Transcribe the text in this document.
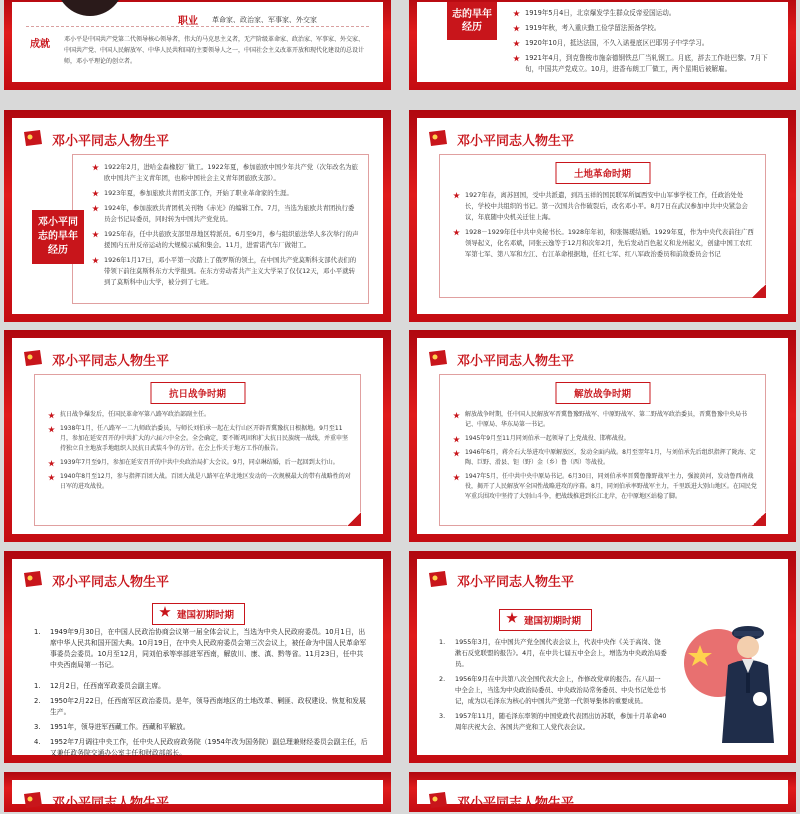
职业 革命家、政治家、军事家、外交家
成就 邓小平是中国共产党第二代领导核心领导者，伟大的马克思主义者，无产阶级革命家、政治家、军事家、外交家、中国共产党、中国人民解放军、中华人民共和国的主要领导人之一，中国社会主义改革开放和现代化建设的总设计师，邓小平理论的创立者。
志的早年经历
1919年5月4日，北京爆发学生群众反帝爱国运动。
1919年秋，考入重庆勤工俭学留法预备学校。
1920年10月，抵达法国，不久入诺曼底区巴耶男子中学学习。
1921年4月，到克鲁梭市施奈德钢铁总厂当轧钢工。月底，辞去工作赴巴黎。7月下旬，中国共产党成立。10月，进香布朗工厂做工，两个星期后被解雇。
邓小平同志人物生平
邓小平同志的早年经历
1922年2月，进哈金森橡胶厂做工。1922年夏，参加旅欧中国少年共产党（次年改名为旅欧中国共产主义青年团，也称中国社会主义青年团旅欧支部）。
1923年夏，参加旅欧共青团支部工作，开始了职业革命家的生涯。
1924年，参加旅欧共青团机关刊物《赤光》的编辑工作。7月，当选为旅欧共青团执行委员会书记局委员，同时转为中国共产党党员。
1925年春，任中共旅欧支部里昂地区特派员。6月至9月，参与组织旅法华人多次举行的声援国内五卅反帝运动的大规模示威和集会。11月，进雷诺汽车厂做钳工。
1926年1月17日，邓小平第一次踏上了俄罗斯的领土，在中国共产党莫斯科支部代表们的带领下前往莫斯科东方大学报到。在东方劳动者共产主义大学呆了仅仅12天，邓小平就转到了莫斯科中山大学，被分到了七班。
邓小平同志人物生平
土地革命时期
1927年春，离苏回国，受中共派遣，到冯玉祥的国民联军所属西安中山军事学校工作，任政治处处长，学校中共组织的书记。第一次国共合作破裂后，改名邓小平。8月7日在武汉参加中共中央紧急会议，年底随中央机关迁往上海。
1928－1929年任中共中央秘书长。1928年年初，和张锡瑗结婚。1929年夏，作为中央代表前往广西领导起义，化名邓斌，同张云逸等于12月和次年2月，先后发动百色起义和龙州起义，创建中国工农红军第七军、第八军和左江、右江革命根据地，任红七军、红八军政治委员和前敌委员会书记
邓小平同志人物生平
抗日战争时期
抗日战争爆发后，任国民革命军第八路军政治部副主任。
1938年1月，任八路军一二九师政治委员，与师长刘伯承一起在太行山区开辟晋冀豫抗日根据地。9月至11月，参加在延安召开的中共扩大的六届六中全会。全会确定，要不断巩固和扩大抗日民族统一战线，并重申坚持独立自主地放手地组织人民抗日武装斗争的方针。在会上作关于地方工作的报告。
1939年7月至9月，参加在延安召开的中共中央政治局扩大会议。9月，同卓琳结婚，后一起回到太行山。
1940年8月至12月，参与指挥百团大战。百团大战是八路军在华北地区发动的一次规模最大的带有战略性的对日军的进攻战役。
邓小平同志人物生平
解放战争时期
解放战争时期，任中国人民解放军晋冀鲁豫野战军、中原野战军、第二野战军政治委员，晋冀鲁豫中央局书记、中原局、华东局第一书记。
1945年9月至11月同刘伯承一起领导了上党战役、邯郸战役。
1946年6月，蒋介石大举进攻中原解放区，发动全面内战。8月至翌年1月，与刘伯承先后组织指挥了陇海、定陶、巨野、滑县、钜（野）金（乡）鲁（西）等战役。
1947年5月，任中共中央中原局书记。6月30日，同刘伯承率晋冀鲁豫野战军主力，强渡黄河，发动鲁西南战役，揭开了人民解放军全国性战略进攻的序幕。8月，同刘伯承率野战军主力，千里跃进大别山地区。在国民党军重兵围攻中坚持了大别山斗争，把战线推进到长江北岸，在中原地区站稳了脚。
邓小平同志人物生平
建国初期时期
1. 1949年9月30日，在中国人民政治协商会议第一届全体会议上，当选为中央人民政府委员。10月1日，出席中华人民共和国开国大典。10月19日，在中央人民政府委员会第三次会议上，被任命为中国人民革命军事委员会委员。10月至12月，同刘伯承等率部进军西南，解放川、康、滇、黔等省。11月23日，任中共中央西南局第一书记。
1. 12月2日，任西南军政委员会副主席。
2. 1950年2月22日，任西南军区政治委员。是年，领导西南地区的土地改革、剿匪、政权建设、恢复和发展生产。
3. 1951年，领导进军西藏工作。西藏和平解放。
4. 1952年7月调往中央工作，任中央人民政府政务院（1954年改为国务院）副总理兼财经委员会副主任，后又兼任政务院交通办公室主任和财政部部长。
邓小平同志人物生平
建国初期时期
1. 1955年3月，在中国共产党全国代表会议上，代表中央作《关于高岗、饶漱石反党联盟的报告》。4月，在中共七届五中全会上，增选为中央政治局委员。
2. 1956年9月在中共第八次全国代表大会上，作修改党章的报告。在八届一中全会上，当选为中央政治局委员、中央政治局常务委员、中央书记处总书记，成为以毛泽东为核心的中国共产党第一代领导集体的重要成员。
3. 1957年11月，随毛泽东率领的中国党政代表团出访苏联，参加十月革命40周年庆祝大会、各国共产党和工人党代表会议。
邓小平同志人物生平	邓小平同志人物生平
